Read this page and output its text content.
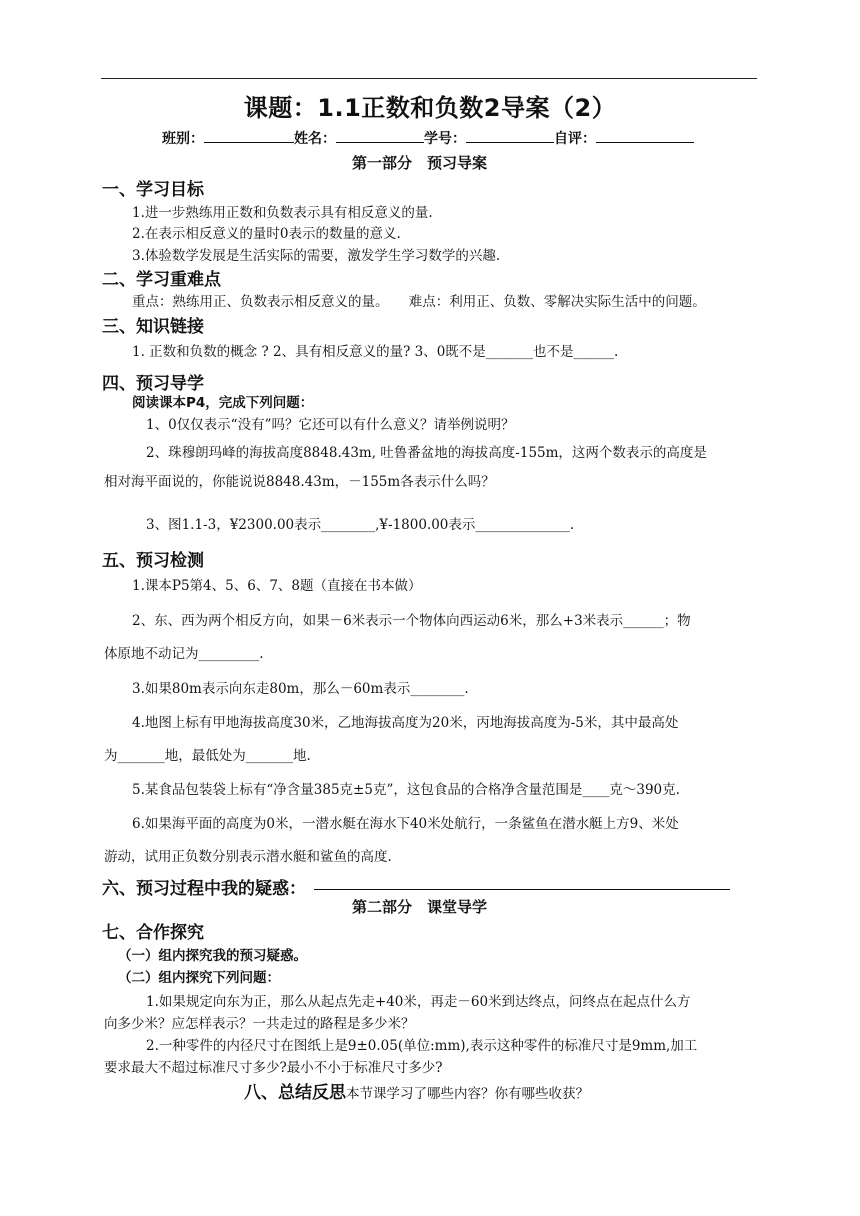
课题：1.1正数和负数2导案（2）
班别：	姓名：	学号：	自评：
第一部分　预习导案
一、学习目标
1.进一步熟练用正数和负数表示具有相反意义的量.
2.在表示相反意义的量时0表示的数量的意义.
3.体验数学发展是生活实际的需要，激发学生学习数学的兴趣.
二、学习重难点
重点：熟练用正、负数表示相反意义的量。　　难点：利用正、负数、零解决实际生活中的问题。
三、知识链接
1. 正数和负数的概念 ? 2、具有相反意义的量? 3、0既不是_______也不是______.
四、预习导学
阅读课本P4，完成下列问题：
1、0仅仅表示“没有”吗？它还可以有什么意义？请举例说明？
2、珠穆朗玛峰的海拔高度8848.43m, 吐鲁番盆地的海拔高度-155m，这两个数表示的高度是
相对海平面说的，你能说说8848.43m，－155m各表示什么吗？
3、图1.1-3，¥2300.00表示________,¥-1800.00表示______________.
五、预习检测
1.课本P5第4、5、6、7、8题（直接在书本做）
2、东、西为两个相反方向，如果－6米表示一个物体向西运动6米，那么+3米表示______；物
体原地不动记为_________.
3.如果80m表示向东走80m，那么－60m表示________.
4.地图上标有甲地海拔高度30米，乙地海拔高度为20米，丙地海拔高度为-5米，其中最高处
为_______地，最低处为_______地.
5.某食品包装袋上标有“净含量385克±5克”，这包食品的合格净含量范围是____克～390克.
6.如果海平面的高度为0米，一潜水艇在海水下40米处航行，一条鲨鱼在潜水艇上方9、米处
游动，试用正负数分别表示潜水艇和鲨鱼的高度.
六、预习过程中我的疑惑：
第二部分　课堂导学
七、合作探究
（一）组内探究我的预习疑惑。
（二）组内探究下列问题：
1.如果规定向东为正，那么从起点先走+40米，再走－60米到达终点，问终点在起点什么方
向多少米？应怎样表示？一共走过的路程是多少米？
2.一种零件的内径尺寸在图纸上是9±0.05(单位:mm),表示这种零件的标准尺寸是9mm,加工
要求最大不超过标准尺寸多少?最小不小于标准尺寸多少?
八、总结反思本节课学习了哪些内容？你有哪些收获？
